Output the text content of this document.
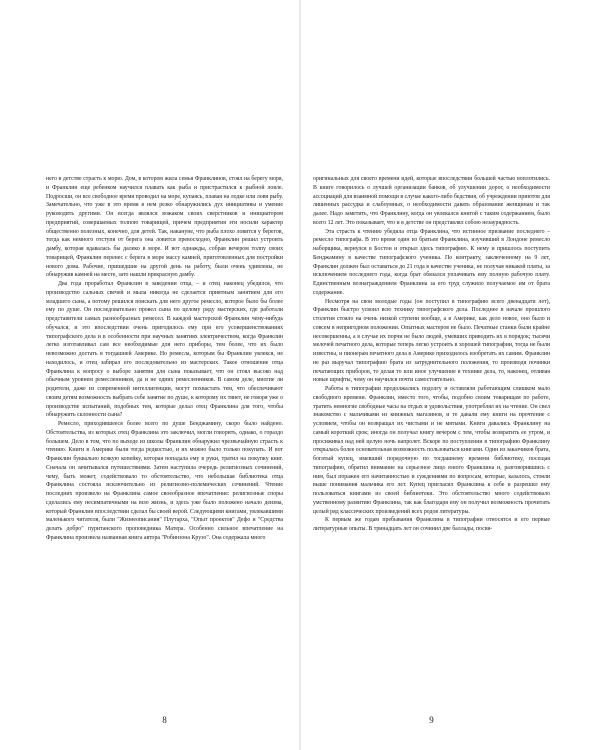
него в детстве страсть к морю. Дом, в котором жила семья Франклинов, стоял на берегу моря, и Франклин еще ребенком научился плавать как рыба и пристрастился к рыбной ловле. Подросши, он все свободное время проводил на море, купаясь, плавая на лодке или ловя рыбу. Замечательно, что уже в это время в нем резко обнаружились дух инициативы и умение руководить другими. Он всегда являлся вожаком своих сверстников и инициатором предприятий, совершаемых толпою товарищей, причем предприятия эти носили характер общественно полезных, конечно, для детей. Так, накануне, что рыба плохо ловится у берегов, тогда как немного отступя от берега она ловится превосходно, Франклин решил устроить дамбу, которая вдавалась бы далеко в море. И вот однажды, собрав вечером толпу своих товарищей, Франклин перенес с берега в море массу камней, приготовленных для постройки нового дома. Рабочие, пришедшие на другой день на работу, были очень удивлены, не обнаружив камней на месте, зато нашли прекрасную дамбу.

Два года проработал Франклин в заведении отца, – и отец наконец убедился, что производство сальных свечей и мыла никогда не сделается приятным занятием для его младшего сына, а потому решился поискать для него другое ремесло, которое было бы более ему по душе. Он последовательно провел сына по целому ряду мастерских, где работали представители самых разнообразных ремесел. В каждой мастерской Франклин чему-нибудь обучался, и это впоследствии очень пригодилось ему при его усовершенствованиях типографского дела и в особенности при научных занятиях электричеством, когда Франклин легко изготавливал сам все необходимые для него приборы, тем более, что их было невозможно достать в тогдашней Америке. Но ремесла, которым бы Франклин увлекся, не находилось, и отец забирал его последовательно из мастерских. Такое отношение отца Франклина к вопросу о выборе занятия для сына показывает, что он стоял высоко над обычным уровнем ремесленников, да и не одних ремесленников. В самом деле, многие ли родители, даже из современной интеллигенции, могут похвастать тем, что обеспечивают своим детям возможность выбрать себе занятие по душе, к которому их тянет, не говоря уже о производстве испытаний, подобных тем, которые делал отец Франклина для того, чтобы обнаружить склонности сына?

Ремесло, приходившееся более всего по душе Бенджамину, скоро было найдено. Обстоятельства, из которых отец Франклина это заключил, могли говорить, однако, о гораздо большем. Дело в том, что по выходе из школы Франклин обнаружил чрезвычайную страсть к чтению. Книги в Америке были тогда редкостью, и их можно было только покупать. И вот Франклин буквально всякую копейку, которая попадала ему в руки, тратил на покупку книг. Сначала он зачитывался путешествиями. Затем наступила очередь религиозных сочинений, чему, быть может, содействовало то обстоятельство, что небольшая библиотека отца Франклина состояла исключительно из религиозно-полемических сочинений. Чтение последних произвело на Франклина самое своеобразное впечатление: религиозные споры сделались ему несимпатичными на всю жизнь, и здесь уже было положено начало деизма, который Франклин впоследствии сделал бы своей верой. Следующими книгами, увлекавшими маленького читателя, были "Жизнеописания" Плутарха, "Опыт проектов" Дефо и "Средства делать добро" пуританского проповедника Матера. Особенно сильное впечатление на Франклина произвела названная книга автора "Робинзона Крузо". Она содержала много

оригинальных для своего времени идей, которые впоследствии большей частью воплотились. В книге говорилось о лучшей организации банков, об улучшении дорог, о необходимости ассоциаций для взаимной помощи в случае какого-либо бедствия, об учреждении приютов для лишенных рассудка и слабоумных, о необходимости давать образование женщинам и так далее. Надо заметить, что Франклину, когда он увлекался книгой с таким содержанием, было всего 12 лет. Это показывает, что и в детстве он представлял собою незаурядность.

Эта страсть к чтению убедила отца Франклина, что истинное призвание последнего – ремесло типографа. В это время один из братьев Франклина, изучивший в Лондоне ремесло наборщика, вернулся в Бостон и открыл здесь типографию. К нему и пришлось поступить Бенджамину в качестве типографского ученика. По контракту, заключенному на 9 лет, Франклин должен был оставаться до 21 года в качестве ученика, не получая никакой платы, за исключением последнего года, когда брат обязался уплачивать ему полную рабочую плату. Единственным вознаграждением Франклина за его труд служило получаемое им от брата содержание.

Несмотря на свои молодые годы (он поступил в типографию всего двенадцати лет), Франклин быстро усвоил всю технику типографского дела. Последнее в начале прошлого столетия стояло на очень низкой ступени вообще, а в Америке, как дело новое, оно было и совсем в непригодном положении. Опытных мастеров не было. Печатные станки были крайне несовершенны, а в случае их порчи не было людей, умевших приводить их в порядок; тысячи мелочей печатного дела, которые теперь легко устроить в хорошей типографии, тогда не были известны, и пионерам печатного дела в Америке приходилось изобретать их самим. Франклин не раз выручал типографию брата из затруднительного положения, то производя починки печатающих приборов, то делая то или иное улучшение в технике дела, то, наконец, отливая новые шрифты, чему он научился почти самостоятельно.

Работы в типографии продолжались подолгу и оставляли работающим слишком мало свободного времени. Франклин, вместо того, чтобы, подобно своим товарищам по работе, тратить немногие свободные часы на отдых и удовольствия, употреблял их на чтение. Он свел знакомство с мальчиками из книжных магазинов, и те давали ему книги на прочтение с условием, чтобы он возвращал их чистыми и не мятыми. Книги давались Франклину на самый короткий срок; иногда он получал книгу вечером с тем, чтобы возвратить ее утром, и просиживал над ней целую ночь напролет. Вскоре по поступлении в типографию Франклину открылась более основательная возможность пользоваться книгами. Один из заказчиков брата, богатый купец, имевший порядочную по тогдашнему времени библиотеку, посещая типографию, обратил внимание на серьезное лицо юного Франклина и, разговорившись с ним, был поражен его начитанностью и суждениями по вопросам, которые, казалось, стояли выше понимания мальчика его лет. Купец пригласил Франклина к себе и разрешил ему пользоваться книгами из своей библиотеки. Это обстоятельство много содействовало умственному развитию Франклина, так как благодаря ему он получил возможность прочитать целый ряд классических произведений всех родов литературы.

К первым же годам пребывания Франклина в типографии относятся и его первые литературные опыты. В тринадцать лет он сочинил две баллады, посвя-

8	9
